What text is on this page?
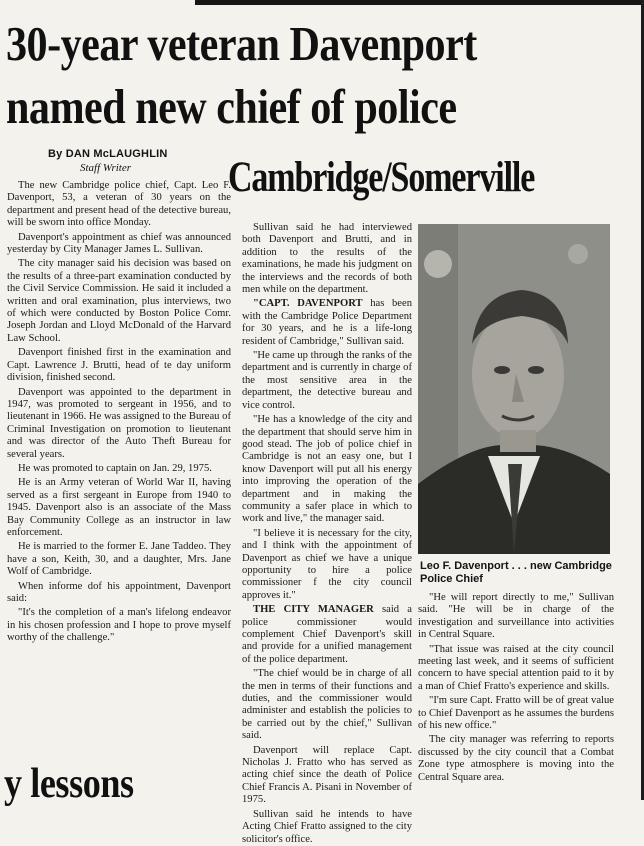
30-year veteran Davenport
named new chief of police
By DAN McLAUGHLIN
Staff Writer Cambridge/Somerville

The new Cambridge police chief, Capt. Leo F. Davenport, 53, a veteran of 30 years on the department and present head of the detective bureau, will be sworn into office Monday.

Davenport's appointment as chief was announced yesterday by City Manager James L. Sullivan.

The city manager said his decision was based on the results of a three-part examination conducted by the Civil Service Commission. He said it included a written and oral examination, plus interviews, two of which were conducted by Boston Police Comr. Joseph Jordan and Lloyd McDonald of the Harvard Law School.

Davenport finished first in the examination and Capt. Lawrence J. Brutti, head of te day uniform division, finished second.

Davenport was appointed to the department in 1947, was promoted to sergeant in 1956, and to lieutenant in 1966. He was assigned to the Bureau of Criminal Investigation on promotion to lieutenant and was director of the Auto Theft Bureau for several years.

He was promoted to captain on Jan. 29, 1975.

He is an Army veteran of World War II, having served as a first sergeant in Europe from 1940 to 1945. Davenport also is an associate of the Mass Bay Community College as an instructor in law enforcement.

He is married to the former E. Jane Taddeo. They have a son, Keith, 30, and a daughter, Mrs. Jane Wolf of Cambridge.

When informe dof his appointment, Davenport said:

"It's the completion of a man's lifelong endeavor in his chosen profession and I hope to prove myself worthy of the challenge."

Sullivan said he had interviewed both Davenport and Brutti, and in addition to the results of the examinations, he made his judgment on the interviews and the records of both men while on the department.

"CAPT. DAVENPORT has been with the Cambridge Police Department for 30 years, and he is a life-long resident of Cambridge," Sullivan said.

"He came up through the ranks of the department and is currently in charge of the most sensitive area in the department, the detective bureau and vice control.

"He has a knowledge of the city and the department that should serve him in good stead. The job of police chief in Cambridge is not an easy one, but I know Davenport will put all his energy into improving the operation of the department and in making the community a safer place in which to work and live," the manager said.

"I believe it is necessary for the city, and I think with the appointment of Davenport as chief we have a unique opportunity to hire a police commissioner f the city council approves it."

THE CITY MANAGER said a police commissioner would complement Chief Davenport's skill and provide for a unified management of the police department.

"The chief would be in charge of all the men in terms of their functions and duties, and the commissioner would administer and establish the policies to be carried out by the chief," Sullivan said.

Davenport will replace Capt. Nicholas J. Fratto who has served as acting chief since the death of Police Chief Francis A. Pisani in November of 1975.

Sullivan said he intends to have Acting Chief Fratto assigned to the city solicitor's office.

Leo F. Davenport . . . new Cambridge Police Chief

"He will report directly to me," Sullivan said. "He will be in charge of the investigation and surveillance into activities in Central Square.

"That issue was raised at the city council meeting last week, and it seems of sufficient concern to have special attention paid to it by a man of Chief Fratto's experience and skills.

"I'm sure Capt. Fratto will be of great value to Chief Davenport as he assumes the burdens of his new office."

The city manager was referring to reports discussed by the city council that a Combat Zone type atmosphere is moving into the Central Square area.

y lessons
